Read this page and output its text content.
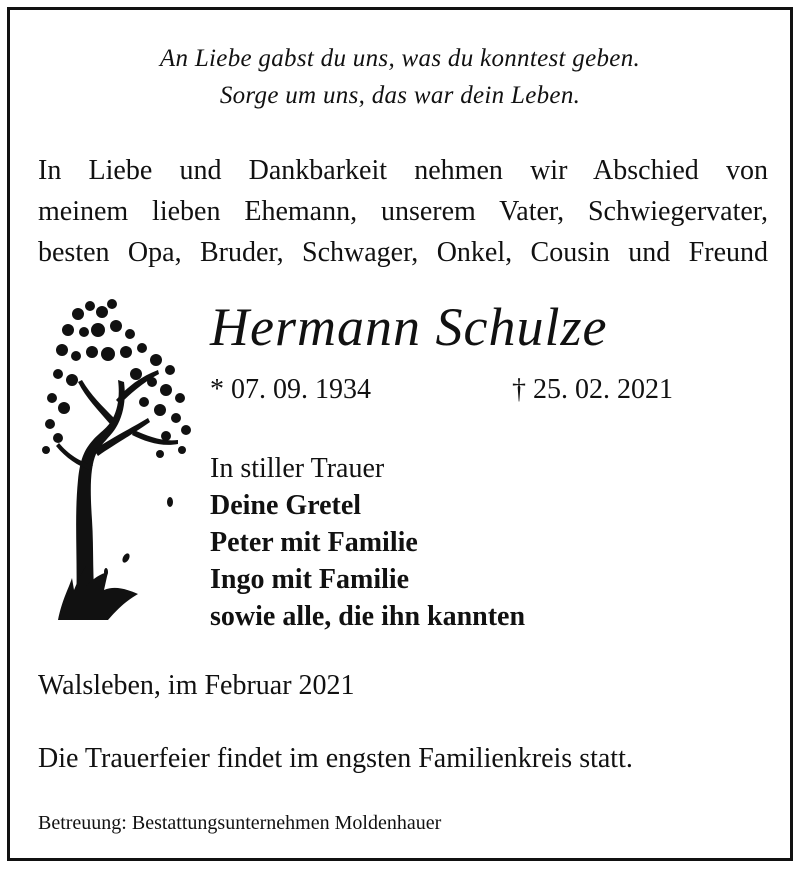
An Liebe gabst du uns, was du konntest geben.
Sorge um uns, das war dein Leben.
In Liebe und Dankbarkeit nehmen wir Abschied von
meinem lieben Ehemann, unserem Vater, Schwiegervater,
besten Opa, Bruder, Schwager, Onkel, Cousin und Freund
Hermann Schulze
* 07. 09. 1934	† 25. 02. 2021
In stiller Trauer
Deine Gretel
Peter mit Familie
Ingo mit Familie
sowie alle, die ihn kannten
Walsleben, im Februar 2021
Die Trauerfeier findet im engsten Familienkreis statt.
Betreuung: Bestattungsunternehmen Moldenhauer
